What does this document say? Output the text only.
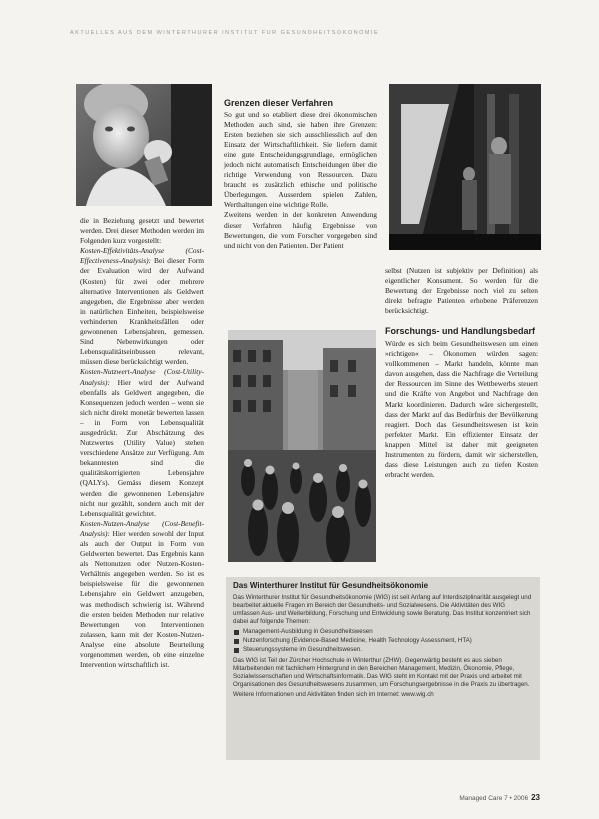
AKTUELLES AUS DEM WINTERTHURER INSTITUT FÜR GESUNDHEITSÖKONOMIE

die in Beziehung gesetzt und bewertet werden. Drei dieser Methoden werden im Folgenden kurz vorgestellt:

Kosten-Effektivitäts-Analyse (Cost-Effectiveness-Analysis): Bei dieser Form der Evaluation wird der Aufwand (Kosten) für zwei oder mehrere alternative Interventionen als Geldwert angegeben, die Ergebnisse aber werden in natürlichen Einheiten, beispielsweise verhinderten Krankheitsfällen oder gewonnenen Lebensjahren, gemessen. Sind Nebenwirkungen oder Lebensqualitätseinbussen relevant, müssen diese berücksichtigt werden.

Kosten-Nutzwert-Analyse (Cost-Utility-Analysis): Hier wird der Aufwand ebenfalls als Geldwert angegeben, die Konsequenzen jedoch werden – wenn sie sich nicht direkt monetär bewerten lassen – in Form von Lebensqualität ausgedrückt. Zur Abschätzung des Nutzwertes (Utility Value) stehen verschiedene Ansätze zur Verfügung. Am bekanntesten sind die qualitätskorrigierten Lebensjahre (QALYs). Gemäss diesem Konzept werden die gewonnenen Lebensjahre nicht nur gezählt, sondern auch mit der Lebensqualität gewichtet.

Kosten-Nutzen-Analyse (Cost-Benefit-Analysis): Hier werden sowohl der Input als auch der Output in Form von Geldwerten bewertet. Das Ergebnis kann als Nettonutzen oder Nutzen-Kosten-Verhältnis angegeben werden. So ist es beispielsweise für die gewonnenen Lebensjahre ein Geldwert anzugeben, was methodisch schwierig ist. Während die ersten beiden Methoden nur relative Bewertungen von Interventionen zulassen, kann mit der Kosten-Nutzen-Analyse eine absolute Beurteilung vorgenommen werden, ob eine einzelne Intervention wirtschaftlich ist.

Grenzen dieser Verfahren

So gut und so etabliert diese drei ökonomischen Methoden auch sind, sie haben ihre Grenzen: Ersten beziehen sie sich ausschliesslich auf den Einsatz der Wirtschaftlichkeit. Sie liefern damit eine gute Entscheidungsgrundlage, ermöglichen jedoch nicht automatisch Entscheidungen über die richtige Verwendung von Ressourcen. Dazu braucht es zusätzlich ethische und politische Überlegungen. Ausserdem spielen Zahlen, Werthaltungen eine wichtige Rolle.

Zweitens werden in der konkreten Anwendung dieser Verfahren häufig Ergebnisse von Bewertungen, die vom Forscher vorgegeben sind und nicht von den Patienten. Der Patient

selbst (Nutzen ist subjektiv per Definition) als eigentlicher Konsument. So werden für die Bewertung der Ergebnisse noch viel zu selten direkt befragte Patienten erhobene Präferenzen berücksichtigt.

Forschungs- und Handlungsbedarf

Würde es sich beim Gesundheitswesen um einen »richtigen« – Ökonomen würden sagen: vollkommenen – Markt handeln, könnte man davon ausgehen, dass die Nachfrage die Verteilung der Ressourcen im Sinne des Wettbewerbs steuert und die Kräfte von Angebot und Nachfrage den Markt koordinieren. Dadurch wäre sichergestellt, dass der Markt auf das Bedürfnis der Bevölkerung reagiert. Doch das Gesundheitswesen ist kein perfekter Markt. Ein effizienter Einsatz der knappen Mittel ist daher mit geeigneten Instrumenten zu fördern, damit wir sicherstellen, dass diese Leistungen auch zu tiefen Kosten erbracht werden.

Das Winterthurer Institut für Gesundheitsökonomie

Das Winterthurer Institut für Gesundheitsökonomie (WIG) ist seit Anfang auf Interdisziplinarität ausgelegt und bearbeitet aktuelle Fragen im Bereich der Gesundheits- und Sozialwesens. Die Aktivitäten des WIG umfassen Aus- und Weiterbildung, Forschung und Entwicklung sowie Beratung. Das Institut konzentriert sich dabei auf folgende Themen:

Management-Ausbildung in Gesundheitswesen
Nutzenforschung (Evidence-Based Medicine, Health Technology Assessment, HTA)
Steuerungssysteme im Gesundheitswesen.

Das WIG ist Teil der Zürcher Hochschule in Winterthur (ZHW). Gegenwärtig besteht es aus sieben Mitarbeitenden mit fachlichem Hintergrund in den Bereichen Management, Medizin, Ökonomie, Pflege, Sozialwissenschaften und Wirtschaftsinformatik. Das WIG steht im Kontakt mit der Praxis und arbeitet mit Organisationen des Gesundheitswesens zusammen, um Forschungsergebnisse in die Praxis zu übertragen.

Weitere Informationen und Aktivitäten finden sich im Internet: www.wig.ch

Managed Care 7 • 2006 23
